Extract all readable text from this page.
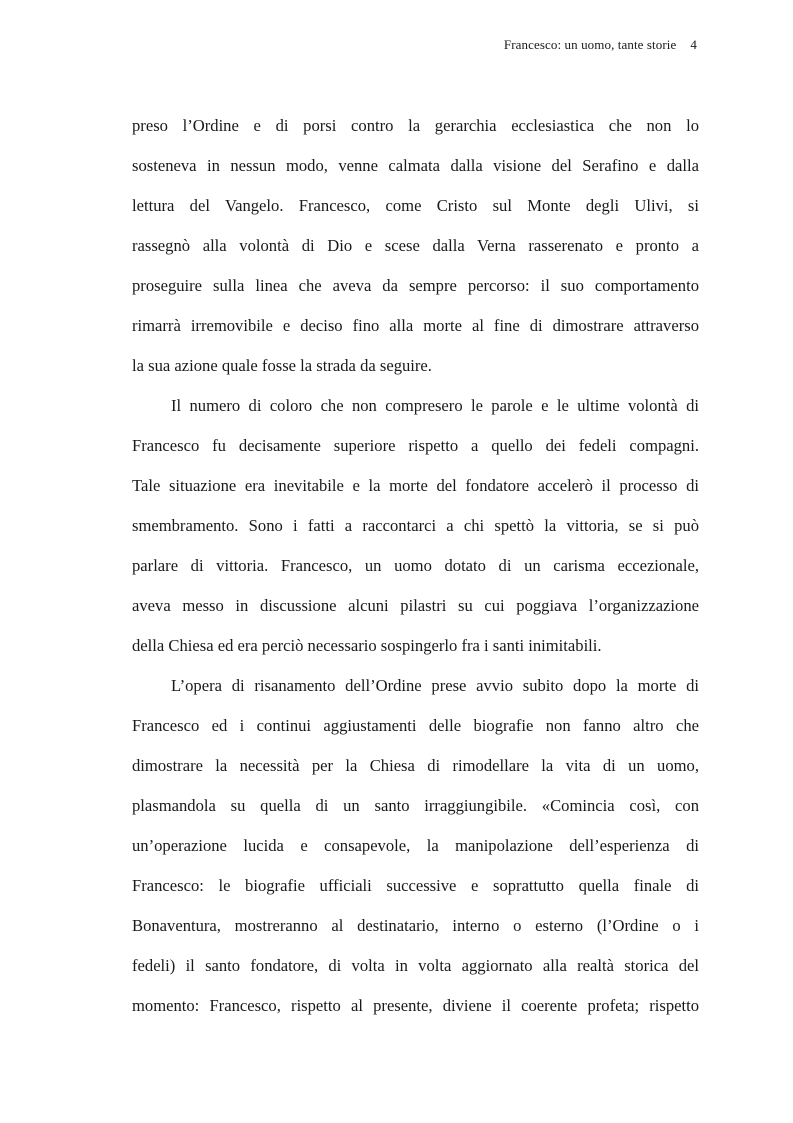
Francesco: un uomo, tante storie 4
preso l’Ordine e di porsi contro la gerarchia ecclesiastica che non lo
sosteneva in nessun modo, venne calmata dalla visione del Serafino e dalla
lettura del Vangelo. Francesco, come Cristo sul Monte degli Ulivi, si
rassegnò alla volontà di Dio e scese dalla Verna rasserenato e pronto a
proseguire sulla linea che aveva da sempre percorso: il suo comportamento
rimarrà irremovibile e deciso fino alla morte al fine di dimostrare attraverso
la sua azione quale fosse la strada da seguire.
Il numero di coloro che non compresero le parole e le ultime volontà di
Francesco fu decisamente superiore rispetto a quello dei fedeli compagni.
Tale situazione era inevitabile e la morte del fondatore accelerò il processo di
smembramento. Sono i fatti a raccontarci a chi spettò la vittoria, se si può
parlare di vittoria. Francesco, un uomo dotato di un carisma eccezionale,
aveva messo in discussione alcuni pilastri su cui poggiava l’organizzazione
della Chiesa ed era perciò necessario sospingerlo fra i santi inimitabili.
L’opera di risanamento dell’Ordine prese avvio subito dopo la morte di
Francesco ed i continui aggiustamenti delle biografie non fanno altro che
dimostrare la necessità per la Chiesa di rimodellare la vita di un uomo,
plasmandola su quella di un santo irraggiungibile. «Comincia così, con
un’operazione lucida e consapevole, la manipolazione dell’esperienza di
Francesco: le biografie ufficiali successive e soprattutto quella finale di
Bonaventura, mostreranno al destinatario, interno o esterno (l’Ordine o i
fedeli) il santo fondatore, di volta in volta aggiornato alla realtà storica del
momento: Francesco, rispetto al presente, diviene il coerente profeta; rispetto
